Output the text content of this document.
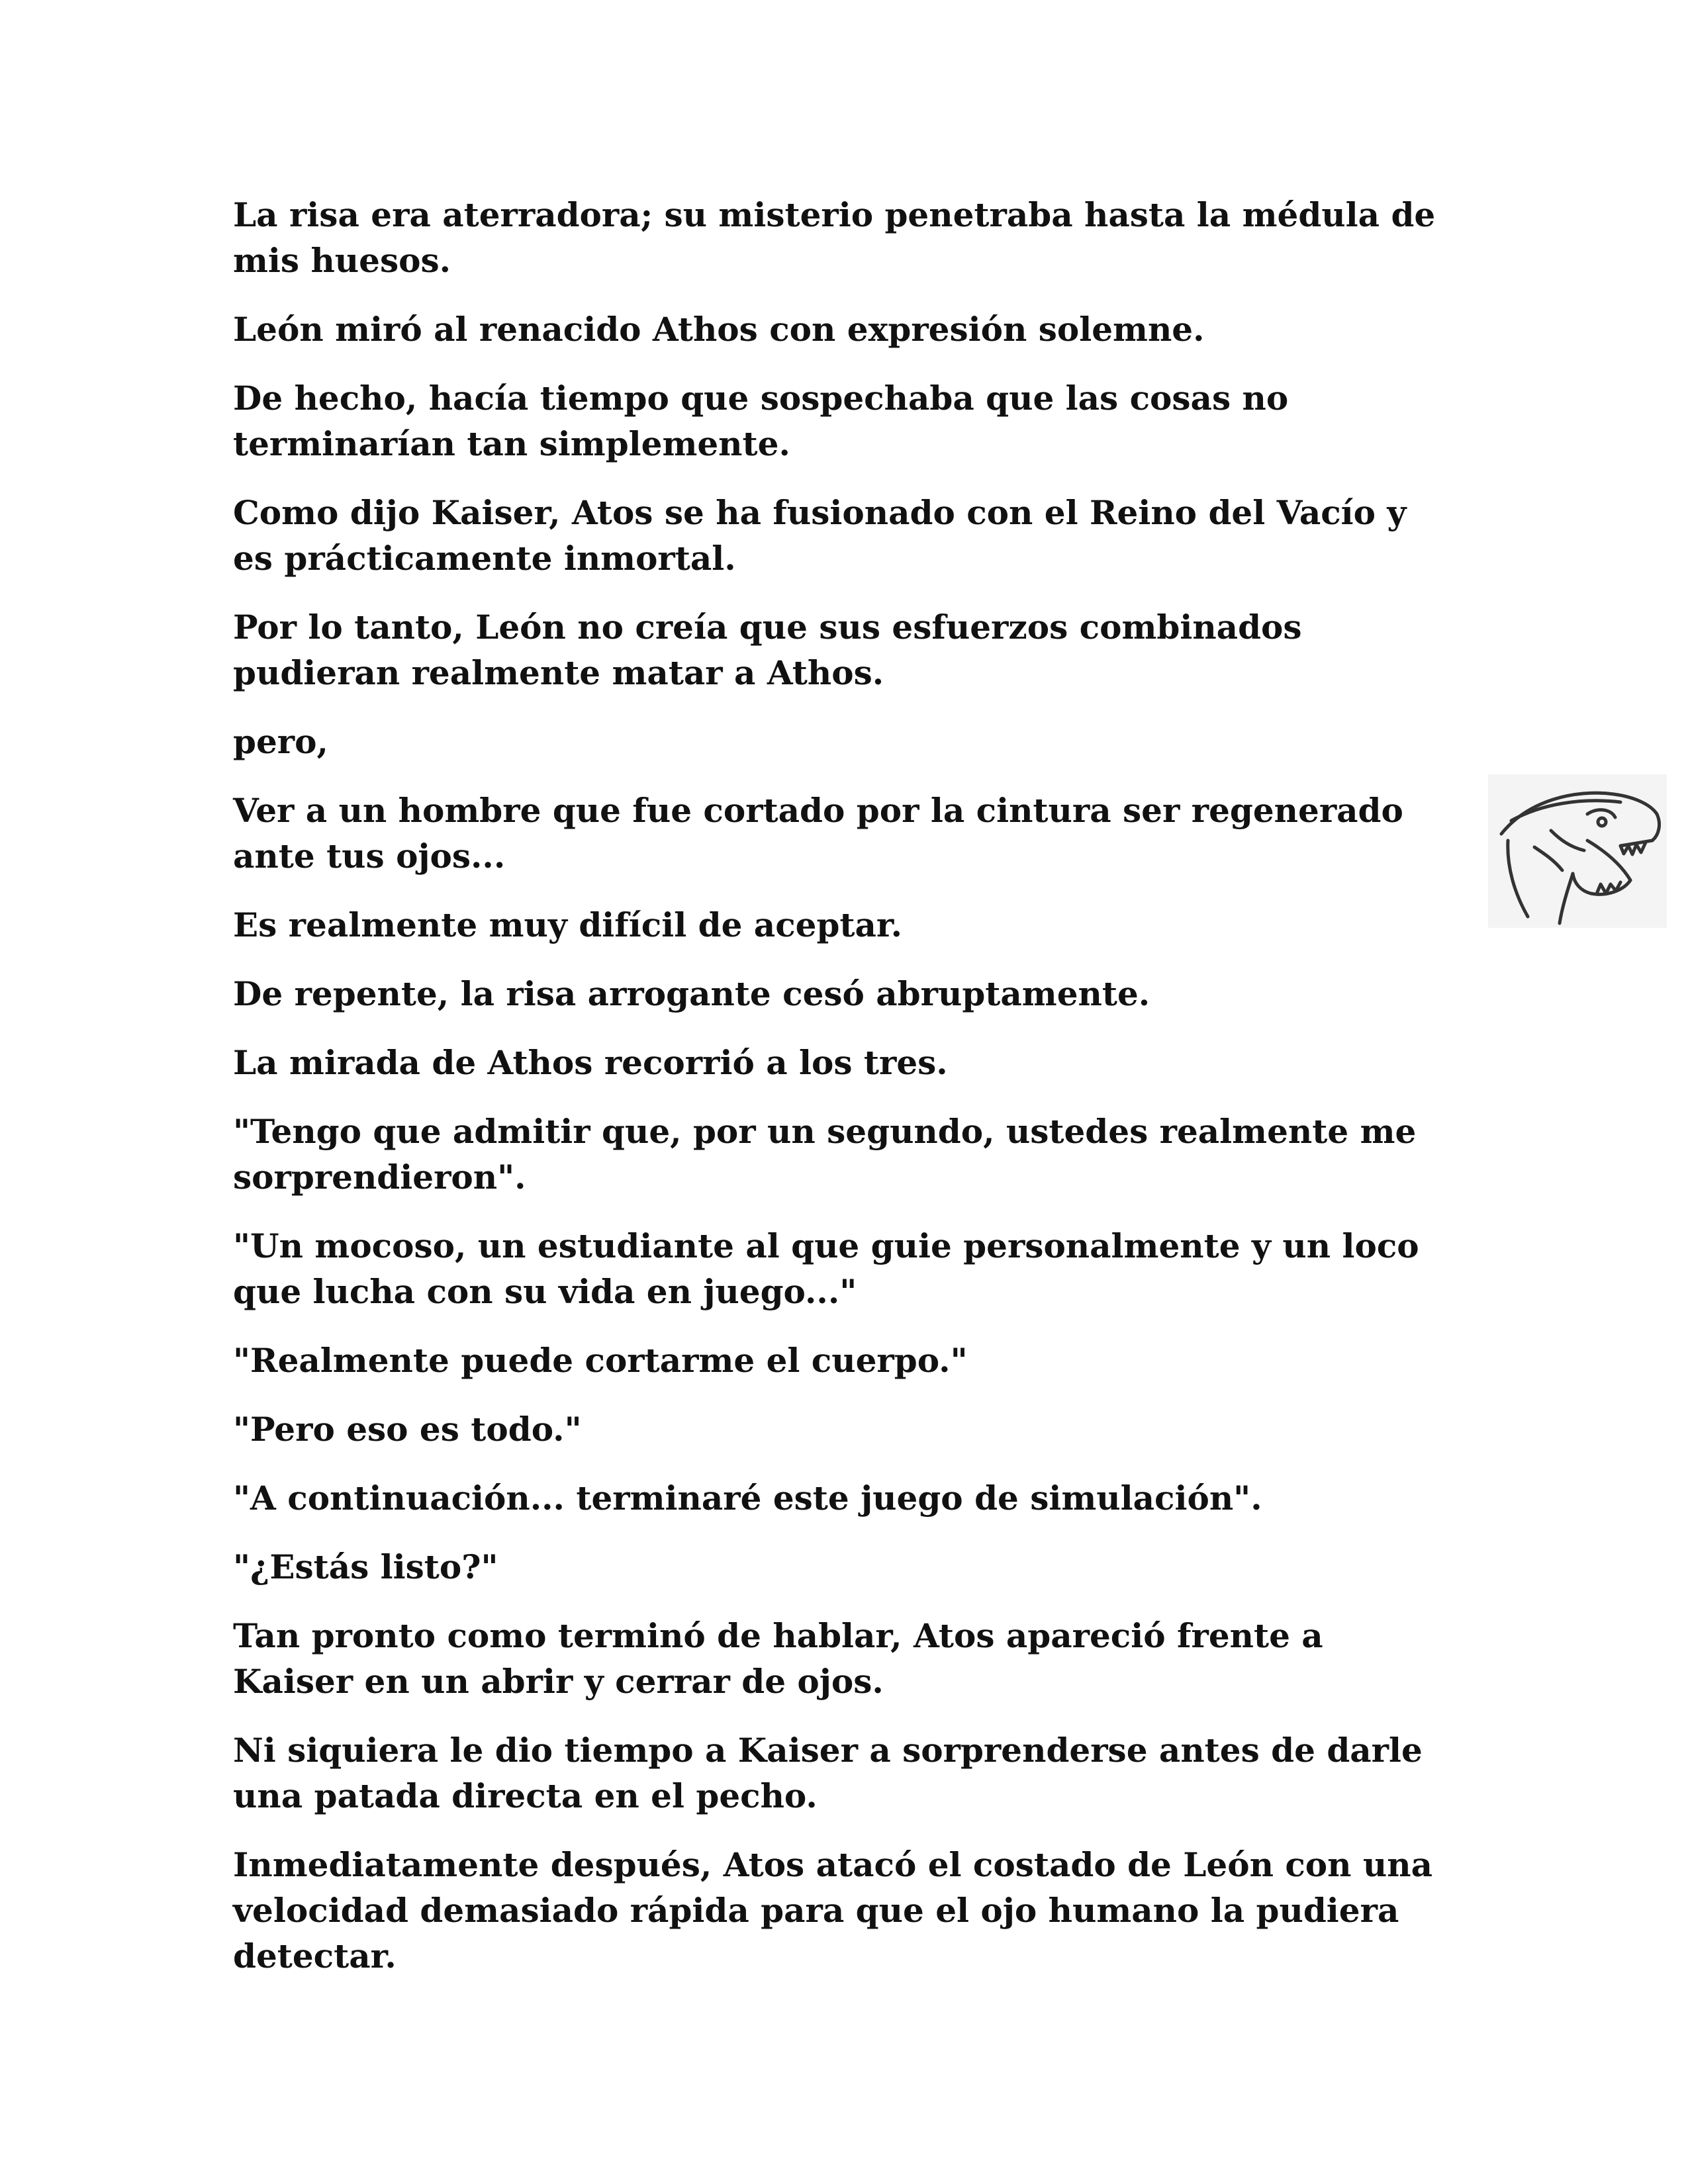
La risa era aterradora; su misterio penetraba hasta la médula de mis huesos.

León miró al renacido Athos con expresión solemne.

De hecho, hacía tiempo que sospechaba que las cosas no terminarían tan simplemente.

Como dijo Kaiser, Atos se ha fusionado con el Reino del Vacío y es prácticamente inmortal.

Por lo tanto, León no creía que sus esfuerzos combinados pudieran realmente matar a Athos.

pero,

Ver a un hombre que fue cortado por la cintura ser regenerado ante tus ojos...

Es realmente muy difícil de aceptar.

De repente, la risa arrogante cesó abruptamente.

La mirada de Athos recorrió a los tres.

"Tengo que admitir que, por un segundo, ustedes realmente me sorprendieron".

"Un mocoso, un estudiante al que guie personalmente y un loco que lucha con su vida en juego..."

"Realmente puede cortarme el cuerpo."

"Pero eso es todo."

"A continuación... terminaré este juego de simulación".

"¿Estás listo?"

Tan pronto como terminó de hablar, Atos apareció frente a Kaiser en un abrir y cerrar de ojos.

Ni siquiera le dio tiempo a Kaiser a sorprenderse antes de darle una patada directa en el pecho.

Inmediatamente después, Atos atacó el costado de León con una velocidad demasiado rápida para que el ojo humano la pudiera detectar.
